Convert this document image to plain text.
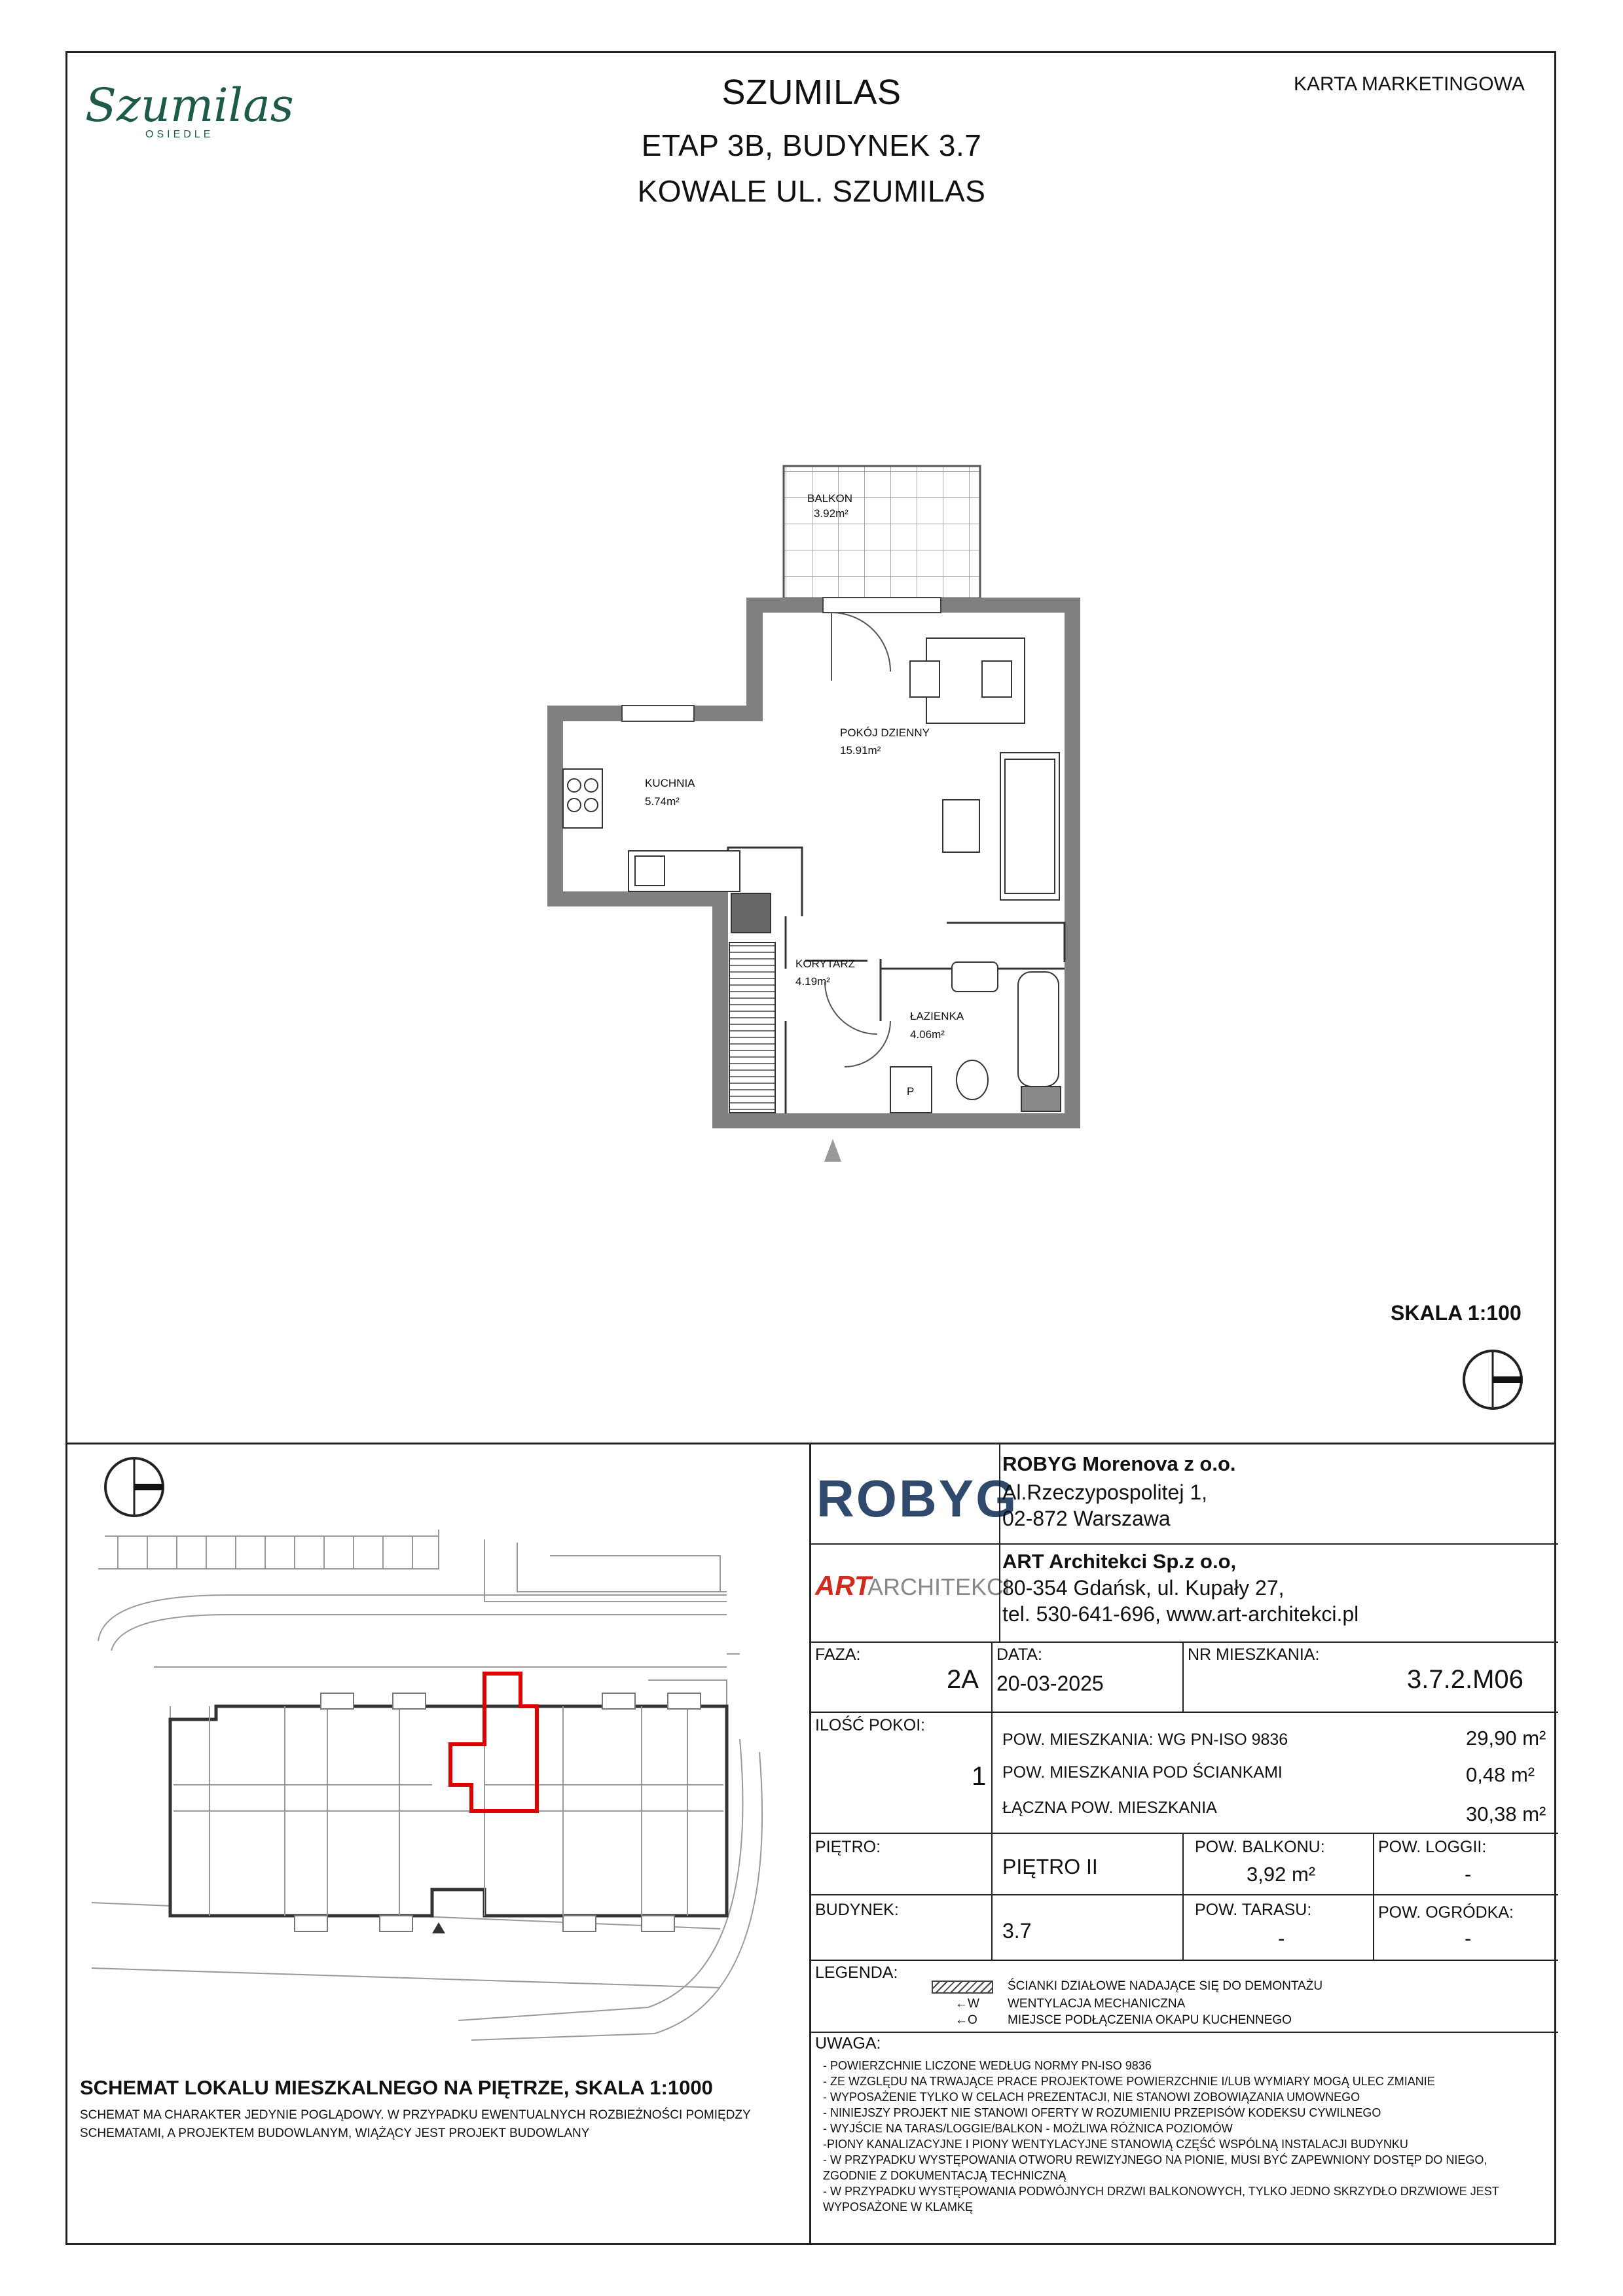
Szumilas
OSIEDLE
SZUMILAS
ETAP 3B, BUDYNEK 3.7
KOWALE UL. SZUMILAS
KARTA MARKETINGOWA
BALKON
3.92m²
POKÓJ DZIENNY
15.91m²
KUCHNIA
5.74m²
KORYTARZ
4.19m²
ŁAZIENKA
4.06m²
P
SKALA 1:100
SCHEMAT LOKALU MIESZKALNEGO NA PIĘTRZE, SKALA 1:1000
SCHEMAT MA CHARAKTER JEDYNIE POGLĄDOWY. W PRZYPADKU EWENTUALNYCH ROZBIEŻNOŚCI POMIĘDZY
SCHEMATAMI, A PROJEKTEM BUDOWLANYM, WIĄŻĄCY JEST PROJEKT BUDOWLANY
ROBYG
ROBYG Morenova z o.o.
Al.Rzeczypospolitej 1,
02-872 Warszawa
ART
ARCHITEKCI
ART Architekci Sp.z o.o,
80-354 Gdańsk, ul. Kupały 27,
tel. 530-641-696, www.art-architekci.pl
FAZA:
2A
DATA:
20-03-2025
NR MIESZKANIA:
3.7.2.M06
ILOŚĆ POKOI:
1
POW. MIESZKANIA: WG PN-ISO 9836	29,90 m²
POW. MIESZKANIA POD ŚCIANKAMI	0,48 m²
ŁĄCZNA POW. MIESZKANIA	30,38 m²
PIĘTRO:
PIĘTRO II
POW. BALKONU:
3,92 m²
POW. LOGGII:
-
BUDYNEK:
3.7
POW. TARASU:
-
POW. OGRÓDKA:
-
LEGENDA:
ŚCIANKI DZIAŁOWE NADAJĄCE SIĘ DO DEMONTAŻU
←W WENTYLACJA MECHANICZNA
←O MIEJSCE PODŁĄCZENIA OKAPU KUCHENNEGO
UWAGA:
- POWIERZCHNIE LICZONE WEDŁUG NORMY PN-ISO 9836
- ZE WZGLĘDU NA TRWAJĄCE PRACE PROJEKTOWE POWIERZCHNIE I/LUB WYMIARY MOGĄ ULEC ZMIANIE
- WYPOSAŻENIE TYLKO W CELACH PREZENTACJI, NIE STANOWI ZOBOWIĄZANIA UMOWNEGO
- NINIEJSZY PROJEKT NIE STANOWI OFERTY W ROZUMIENIU PRZEPISÓW KODEKSU CYWILNEGO
- WYJŚCIE NA TARAS/LOGGIE/BALKON - MOŻLIWA RÓŻNICA POZIOMÓW
-PIONY KANALIZACYJNE I PIONY WENTYLACYJNE STANOWIĄ CZĘŚĆ WSPÓLNĄ INSTALACJI BUDYNKU
- W PRZYPADKU WYSTĘPOWANIA OTWORU REWIZYJNEGO NA PIONIE, MUSI BYĆ ZAPEWNIONY DOSTĘP DO NIEGO,
ZGODNIE Z DOKUMENTACJĄ TECHNICZNĄ
- W PRZYPADKU WYSTĘPOWANIA PODWÓJNYCH DRZWI BALKONOWYCH, TYLKO JEDNO SKRZYDŁO DRZWIOWE JEST
WYPOSAŻONE W KLAMKĘ
